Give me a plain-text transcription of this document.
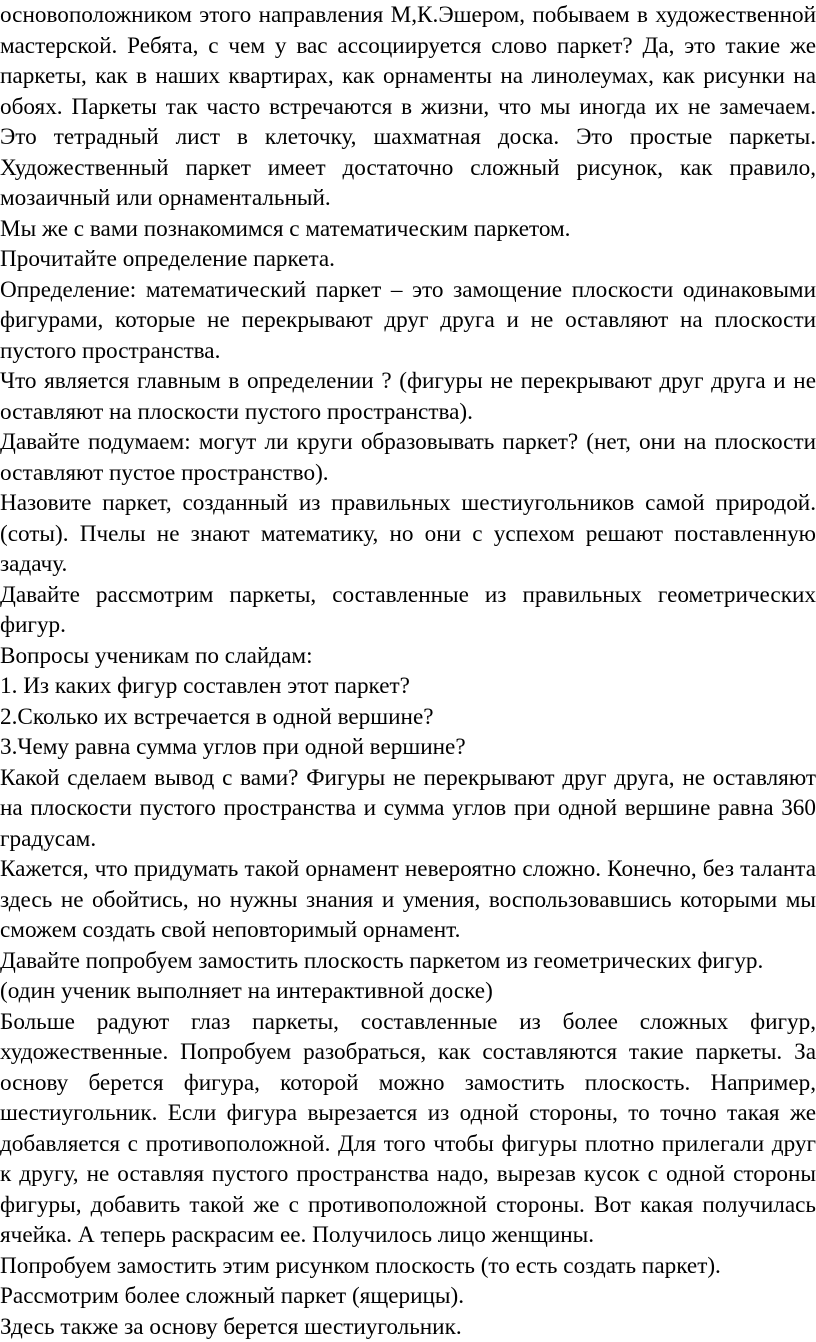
основоположником этого направления М,К.Эшером, побываем в художественной мастерской. Ребята, с чем у вас ассоциируется слово паркет? Да, это такие же паркеты, как в наших квартирах, как орнаменты на линолеумах, как рисунки на обоях. Паркеты так часто встречаются в жизни, что мы иногда их не замечаем. Это тетрадный лист в клеточку, шахматная доска. Это простые паркеты. Художественный паркет имеет достаточно сложный рисунок, как правило, мозаичный или орнаментальный.

Мы же с вами познакомимся с математическим паркетом.

Прочитайте определение паркета.

Определение: математический паркет – это замощение плоскости одинаковыми фигурами, которые не перекрывают друг друга и не оставляют на плоскости пустого пространства.

Что является главным в определении ? (фигуры не перекрывают друг друга и не оставляют на плоскости пустого пространства).

Давайте подумаем: могут ли круги образовывать паркет? (нет, они на плоскости оставляют пустое пространство).

Назовите паркет, созданный из правильных шестиугольников самой природой. (соты). Пчелы не знают математику, но они с успехом решают поставленную задачу.

Давайте рассмотрим паркеты, составленные из правильных геометрических фигур.

Вопросы ученикам по слайдам:

1. Из каких фигур составлен этот паркет?

2.Сколько их встречается в одной вершине?

3.Чему равна сумма углов при одной вершине?

Какой сделаем вывод с вами? Фигуры не перекрывают друг друга, не оставляют на плоскости пустого пространства и сумма углов при одной вершине равна 360 градусам.

Кажется, что придумать такой орнамент невероятно сложно. Конечно, без таланта здесь не обойтись, но нужны знания и умения, воспользовавшись которыми мы сможем создать свой неповторимый орнамент.

Давайте попробуем замостить плоскость паркетом из геометрических фигур.

(один ученик выполняет на интерактивной доске)

Больше радуют глаз паркеты, составленные из более сложных фигур, художественные. Попробуем разобраться, как составляются такие паркеты. За основу берется фигура, которой можно замостить плоскость. Например, шестиугольник. Если фигура вырезается из одной стороны, то точно такая же добавляется с противоположной. Для того чтобы фигуры плотно прилегали друг к другу, не оставляя пустого пространства надо, вырезав кусок с одной стороны фигуры, добавить такой же с противоположной стороны. Вот какая получилась ячейка. А теперь раскрасим ее. Получилось лицо женщины.

Попробуем замостить этим рисунком плоскость (то есть создать паркет).

Рассмотрим более сложный паркет (ящерицы).

Здесь также за основу берется шестиугольник.
